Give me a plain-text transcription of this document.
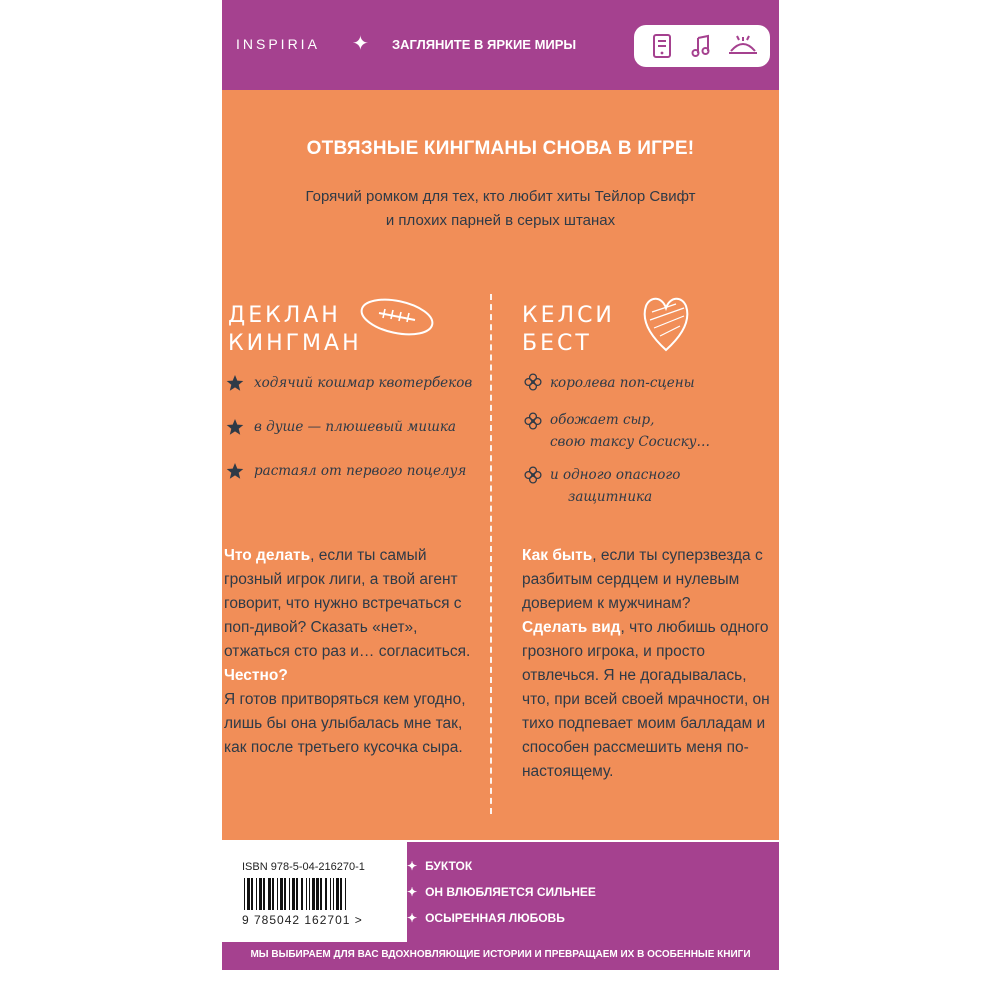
INSPIRIA ✦ ЗАГЛЯНИТЕ В ЯРКИЕ МИРЫ
ОТВЯЗНЫЕ КИНГМАНЫ СНОВА В ИГРЕ!
Горячий ромком для тех, кто любит хиты Тейлор Свифт
и плохих парней в серых штанах
ДЕКЛАН
КИНГМАН
ходячий кошмар квотербеков
в душе — плюшевый мишка
растаял от первого поцелуя
Что делать, если ты самый грозный игрок лиги, а твой агент говорит, что нужно встречаться с поп-дивой? Сказать «нет», отжаться сто раз и… согласиться.
Честно?
Я готов притворяться кем угодно, лишь бы она улыбалась мне так, как после третьего кусочка сыра.
КЕЛСИ
БЕСТ
королева поп-сцены
обожает сыр,
свою таксу Сосиску…
и одного опасного
защитника
Как быть, если ты суперзвезда с разбитым сердцем и нулевым доверием к мужчинам?
Сделать вид, что любишь одного грозного игрока, и просто отвлечься. Я не догадывалась, что, при всей своей мрачности, он тихо подпевает моим балладам и способен рассмешить меня по-настоящему.
ISBN 978-5-04-216270-1
9 785042 162701 >
✦ БУКТОК
✦ ОН ВЛЮБЛЯЕТСЯ СИЛЬНЕЕ
✦ ОСЫРЕННАЯ ЛЮБОВЬ
МЫ ВЫБИРАЕМ ДЛЯ ВАС ВДОХНОВЛЯЮЩИЕ ИСТОРИИ И ПРЕВРАЩАЕМ ИХ В ОСОБЕННЫЕ КНИГИ
